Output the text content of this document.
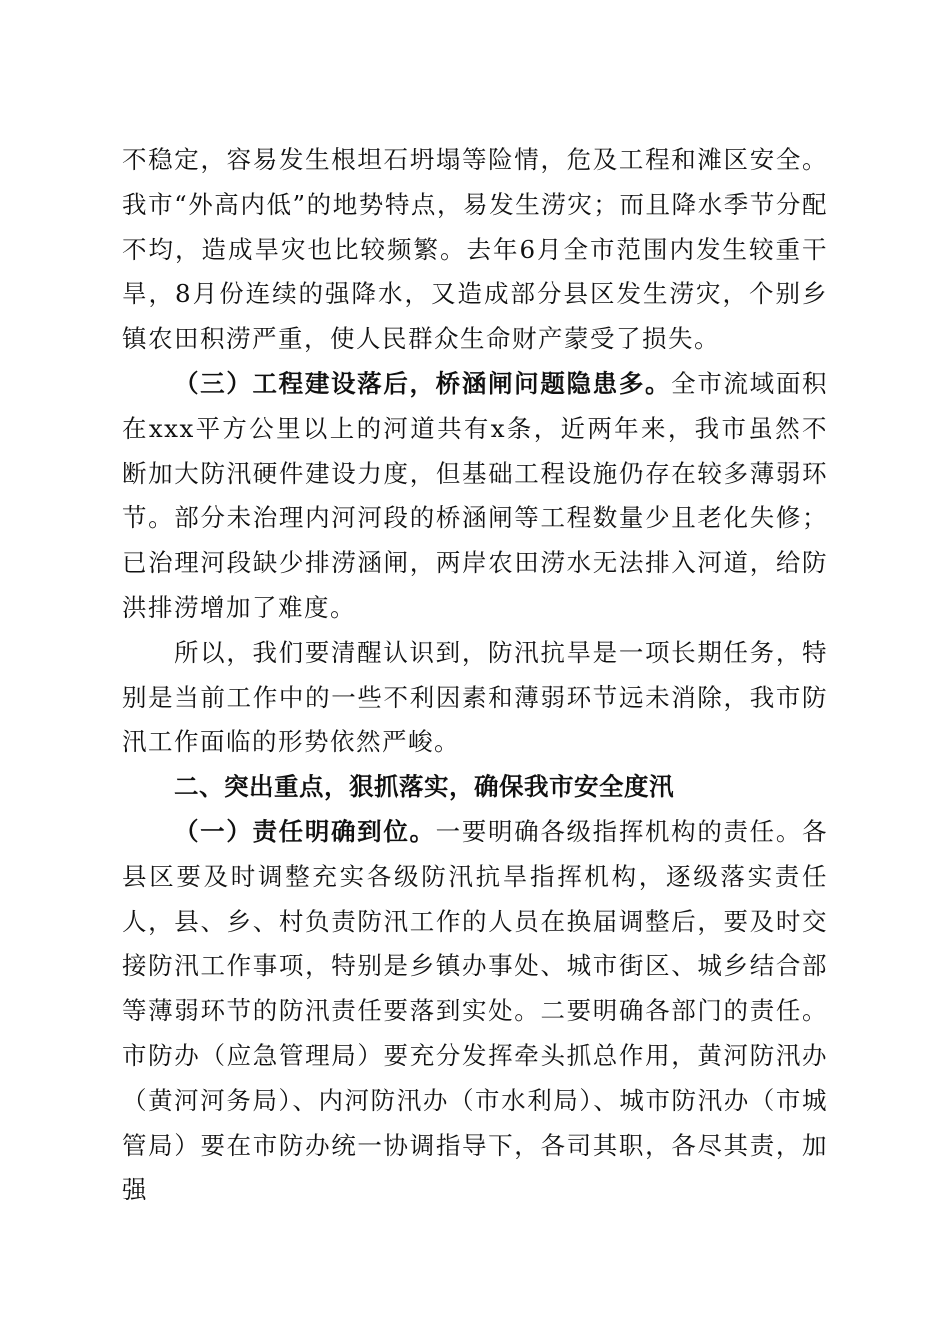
不稳定，容易发生根坦石坍塌等险情，危及工程和滩区安全。我市“外高内低”的地势特点，易发生涝灾；而且降水季节分配不均，造成旱灾也比较频繁。去年6月全市范围内发生较重干旱，8月份连续的强降水，又造成部分县区发生涝灾，个别乡镇农田积涝严重，使人民群众生命财产蒙受了损失。

（三）工程建设落后，桥涵闸问题隐患多。全市流域面积在xxx平方公里以上的河道共有x条，近两年来，我市虽然不断加大防汛硬件建设力度，但基础工程设施仍存在较多薄弱环节。部分未治理内河河段的桥涵闸等工程数量少且老化失修；已治理河段缺少排涝涵闸，两岸农田涝水无法排入河道，给防洪排涝增加了难度。

所以，我们要清醒认识到，防汛抗旱是一项长期任务，特别是当前工作中的一些不利因素和薄弱环节远未消除，我市防汛工作面临的形势依然严峻。

二、突出重点，狠抓落实，确保我市安全度汛

（一）责任明确到位。一要明确各级指挥机构的责任。各县区要及时调整充实各级防汛抗旱指挥机构，逐级落实责任人，县、乡、村负责防汛工作的人员在换届调整后，要及时交接防汛工作事项，特别是乡镇办事处、城市街区、城乡结合部等薄弱环节的防汛责任要落到实处。二要明确各部门的责任。市防办（应急管理局）要充分发挥牵头抓总作用，黄河防汛办（黄河河务局）、内河防汛办（市水利局）、城市防汛办（市城管局）要在市防办统一协调指导下，各司其职，各尽其责，加强
